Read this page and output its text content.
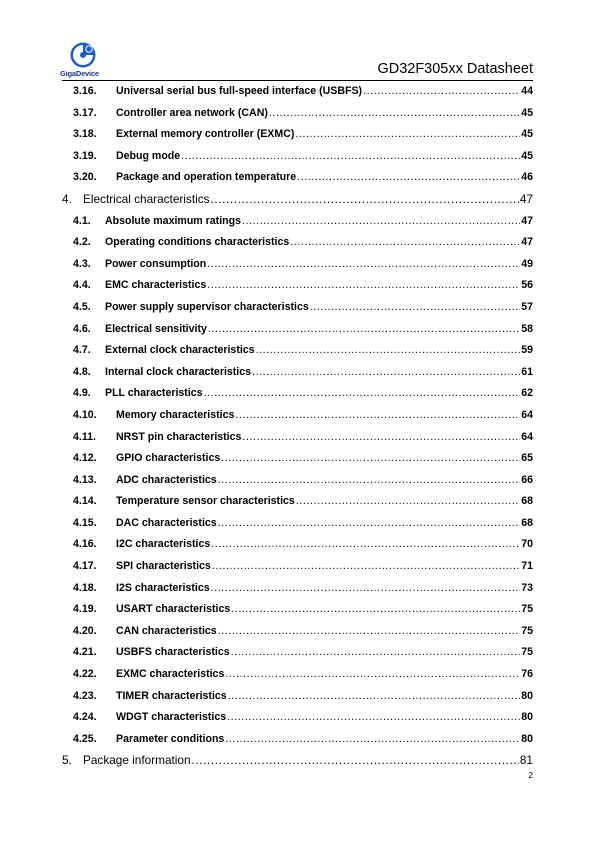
GigaDevice	GD32F305xx Datasheet
3.16. Universal serial bus full-speed interface (USBFS) .....	44
3.17. Controller area network (CAN) .....	45
3.18. External memory controller (EXMC) .....	45
3.19. Debug mode .....	45
3.20. Package and operation temperature .....	46
4. Electrical characteristics .....	47
4.1. Absolute maximum ratings .....	47
4.2. Operating conditions characteristics .....	47
4.3. Power consumption .....	49
4.4. EMC characteristics .....	56
4.5. Power supply supervisor characteristics .....	57
4.6. Electrical sensitivity .....	58
4.7. External clock characteristics .....	59
4.8. Internal clock characteristics .....	61
4.9. PLL characteristics .....	62
4.10. Memory characteristics .....	64
4.11. NRST pin characteristics .....	64
4.12. GPIO characteristics .....	65
4.13. ADC characteristics .....	66
4.14. Temperature sensor characteristics .....	68
4.15. DAC characteristics .....	68
4.16. I2C characteristics .....	70
4.17. SPI characteristics .....	71
4.18. I2S characteristics .....	73
4.19. USART characteristics .....	75
4.20. CAN characteristics .....	75
4.21. USBFS characteristics .....	75
4.22. EXMC characteristics .....	76
4.23. TIMER characteristics .....	80
4.24. WDGT characteristics .....	80
4.25. Parameter conditions .....	80
5. Package information .....	81
2
